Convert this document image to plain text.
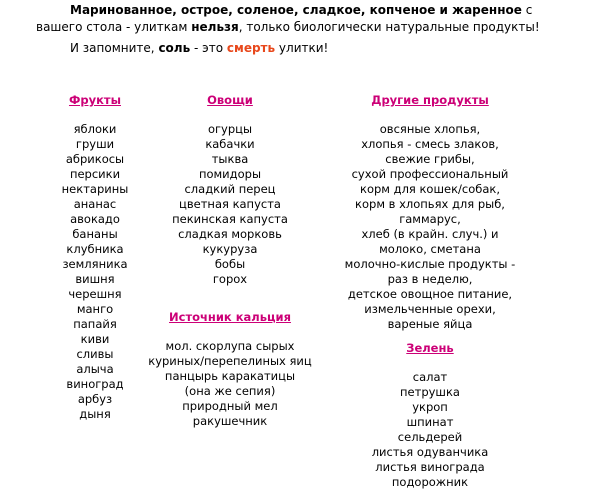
Маринованное, острое, соленое, сладкое, копченое и жаренное с
вашего стола - улиткам нельзя, только биологически натуральные продукты!
И запомните, соль - это смерть улитки!
Фрукты
яблоки
груши
абрикосы
персики
нектарины
ананас
авокадо
бананы
клубника
земляника
вишня
черешня
манго
папайя
киви
сливы
алыча
виноград
арбуз
дыня
Овощи
огурцы
кабачки
тыква
помидоры
сладкий перец
цветная капуста
пекинская капуста
сладкая морковь
кукуруза
бобы
горох
Источник кальция
мол. скорлупа сырых
куриных/перепелиных яиц
панцырь каракатицы
(она же сепия)
природный мел
ракушечник
Другие продукты
овсяные хлопья,
хлопья - смесь злаков,
свежие грибы,
сухой профессиональный
корм для кошек/собак,
корм в хлопьях для рыб,
гаммарус,
хлеб (в крайн. случ.) и
молоко, сметана
молочно-кислые продукты -
раз в неделю,
детское овощное питание,
измельченные орехи,
вареные яйца
Зелень
салат
петрушка
укроп
шпинат
сельдерей
листья одуванчика
листья винограда
подорожник
